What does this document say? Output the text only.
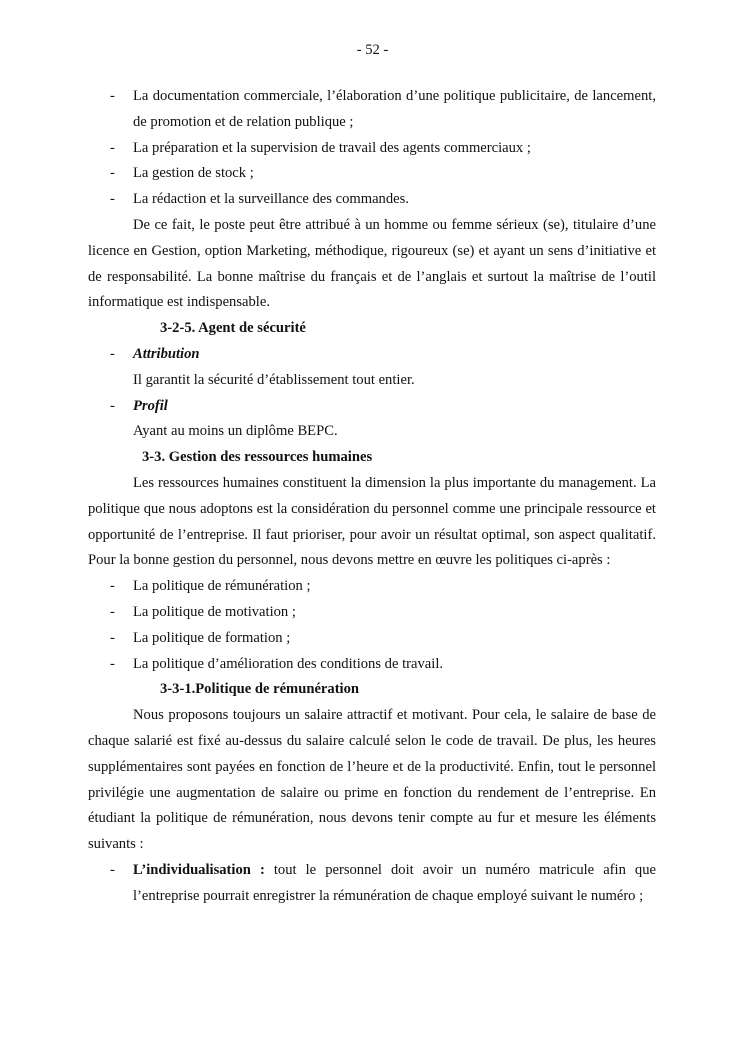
- 52 -

- La documentation commerciale, l’élaboration d’une politique publicitaire, de lancement, de promotion et de relation publique ;

- La préparation et la supervision de travail des agents commerciaux ;

- La gestion de stock ;

- La rédaction et la surveillance des commandes.

De ce fait, le poste peut être attribué à un homme ou femme sérieux (se), titulaire d’une licence en Gestion, option Marketing, méthodique, rigoureux (se) et ayant un sens d’initiative et de responsabilité. La bonne maîtrise du français et de l’anglais et surtout la maîtrise de l’outil informatique est indispensable.

3-2-5. Agent de sécurité

- Attribution

Il garantit la sécurité d’établissement tout entier.

- Profil

Ayant au moins un diplôme BEPC.

3-3. Gestion des ressources humaines

Les ressources humaines constituent la dimension la plus importante du management. La politique que nous adoptons est la considération du personnel comme une principale ressource et opportunité de l’entreprise. Il faut prioriser, pour avoir un résultat optimal, son aspect qualitatif. Pour la bonne gestion du personnel, nous devons mettre en œuvre les politiques ci-après :

- La politique de rémunération ;

- La politique de motivation ;

- La politique de formation ;

- La politique d’amélioration des conditions de travail.

3-3-1.Politique de rémunération

Nous proposons toujours un salaire attractif et motivant. Pour cela, le salaire de base de chaque salarié est fixé au-dessus du salaire calculé selon le code de travail. De plus, les heures supplémentaires sont payées en fonction de l’heure et de la productivité. Enfin, tout le personnel privilégie une augmentation de salaire ou prime en fonction du rendement de l’entreprise. En étudiant la politique de rémunération, nous devons tenir compte au fur et mesure les éléments suivants :

- L’individualisation : tout le personnel doit avoir un numéro matricule afin que l’entreprise pourrait enregistrer la rémunération de chaque employé suivant le numéro ;
